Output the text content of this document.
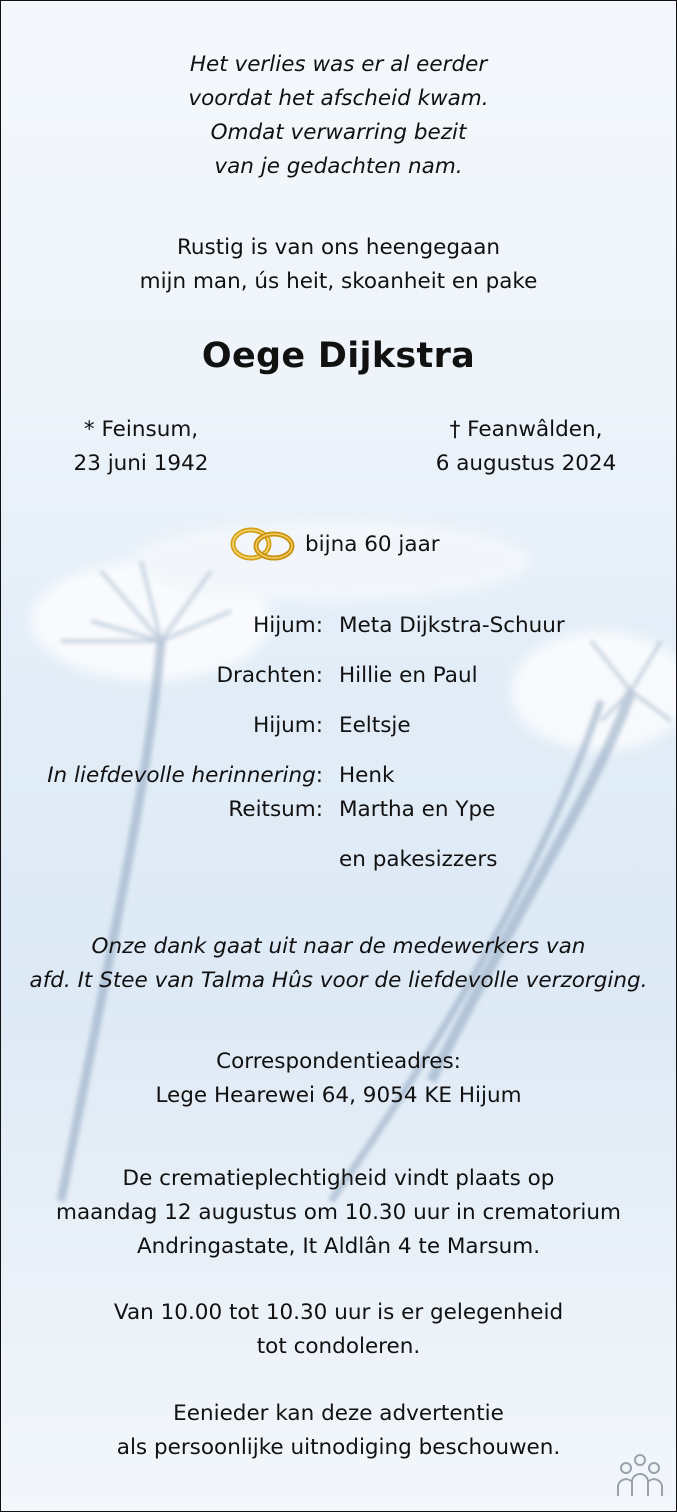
Het verlies was er al eerder
voordat het afscheid kwam.
Omdat verwarring bezit
van je gedachten nam.
Rustig is van ons heengegaan
mijn man, ús heit, skoanheit en pake
Oege Dijkstra
* Feinsum,
23 juni 1942
† Feanwâlden,
6 augustus 2024
bijna 60 jaar
Hijum: Meta Dijkstra-Schuur
Drachten: Hillie en Paul
Hijum: Eeltsje
In liefdevolle herinnering: Henk
Reitsum: Martha en Ype
en pakesizzers
Onze dank gaat uit naar de medewerkers van
afd. It Stee van Talma Hûs voor de liefdevolle verzorging.
Correspondentieadres:
Lege Hearewei 64, 9054 KE Hijum
De crematieplechtigheid vindt plaats op
maandag 12 augustus om 10.30 uur in crematorium
Andringastate, It Aldlân 4 te Marsum.
Van 10.00 tot 10.30 uur is er gelegenheid
tot condoleren.
Eenieder kan deze advertentie
als persoonlijke uitnodiging beschouwen.
